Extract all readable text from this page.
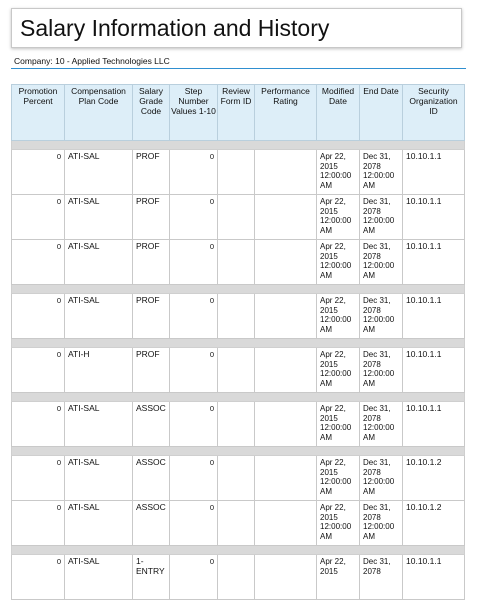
Salary Information and History
Company: 10 - Applied Technologies LLC
Promotion Percent	Compensation Plan Code	Salary Grade Code	Step Number Values 1-10	Review Form ID	Performance Rating	Modified Date	End Date	Security Organization ID

0	ATI-SAL	PROF	0			Apr 22, 2015 12:00:00 AM	Dec 31, 2078 12:00:00 AM	10.10.1.1
0	ATI-SAL	PROF	0			Apr 22, 2015 12:00:00 AM	Dec 31, 2078 12:00:00 AM	10.10.1.1
0	ATI-SAL	PROF	0			Apr 22, 2015 12:00:00 AM	Dec 31, 2078 12:00:00 AM	10.10.1.1

0	ATI-SAL	PROF	0			Apr 22, 2015 12:00:00 AM	Dec 31, 2078 12:00:00 AM	10.10.1.1

0	ATI-H	PROF	0			Apr 22, 2015 12:00:00 AM	Dec 31, 2078 12:00:00 AM	10.10.1.1

0	ATI-SAL	ASSOC	0			Apr 22, 2015 12:00:00 AM	Dec 31, 2078 12:00:00 AM	10.10.1.1

0	ATI-SAL	ASSOC	0			Apr 22, 2015 12:00:00 AM	Dec 31, 2078 12:00:00 AM	10.10.1.2
0	ATI-SAL	ASSOC	0			Apr 22, 2015 12:00:00 AM	Dec 31, 2078 12:00:00 AM	10.10.1.2

0	ATI-SAL	1-ENTRY	0			Apr 22, 2015	Dec 31, 2078	10.10.1.1
